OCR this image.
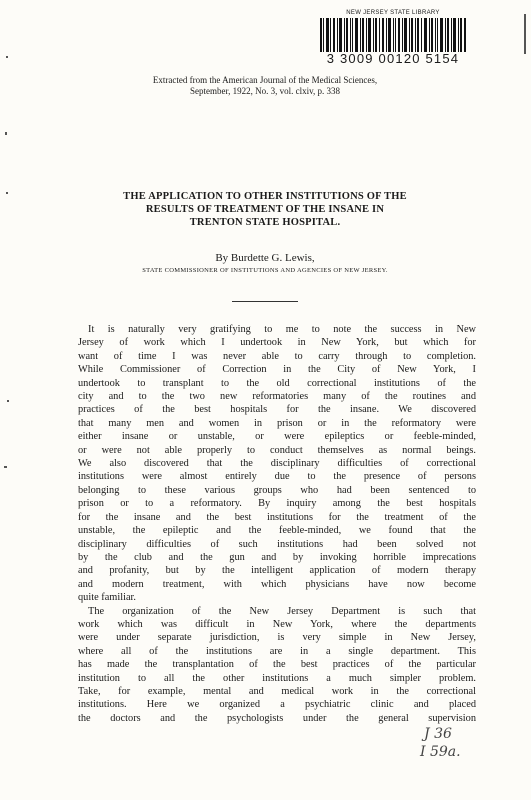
NEW JERSEY STATE LIBRARY
3 3009 00120 5154
Extracted from the American Journal of the Medical Sciences,
September, 1922, No. 3, vol. clxiv, p. 338
THE APPLICATION TO OTHER INSTITUTIONS OF THE
RESULTS OF TREATMENT OF THE INSANE IN
TRENTON STATE HOSPITAL.
By Burdette G. Lewis,
STATE COMMISSIONER OF INSTITUTIONS AND AGENCIES OF NEW JERSEY.
It is naturally very gratifying to me to note the success in New
Jersey of work which I undertook in New York, but which for
want of time I was never able to carry through to completion.
While Commissioner of Correction in the City of New York, I
undertook to transplant to the old correctional institutions of the
city and to the two new reformatories many of the routines and
practices of the best hospitals for the insane. We discovered
that many men and women in prison or in the reformatory were
either insane or unstable, or were epileptics or feeble-minded,
or were not able properly to conduct themselves as normal beings.
We also discovered that the disciplinary difficulties of correctional
institutions were almost entirely due to the presence of persons
belonging to these various groups who had been sentenced to
prison or to a reformatory. By inquiry among the best hospitals
for the insane and the best institutions for the treatment of the
unstable, the epileptic and the feeble-minded, we found that the
disciplinary difficulties of such institutions had been solved not
by the club and the gun and by invoking horrible imprecations
and profanity, but by the intelligent application of modern therapy
and modern treatment, with which physicians have now become
quite familiar.
The organization of the New Jersey Department is such that
work which was difficult in New York, where the departments
were under separate jurisdiction, is very simple in New Jersey,
where all of the institutions are in a single department. This
has made the transplantation of the best practices of the particular
institution to all the other institutions a much simpler problem.
Take, for example, mental and medical work in the correctional
institutions. Here we organized a psychiatric clinic and placed
the doctors and the psychologists under the general supervision
J 36
I 59a.
